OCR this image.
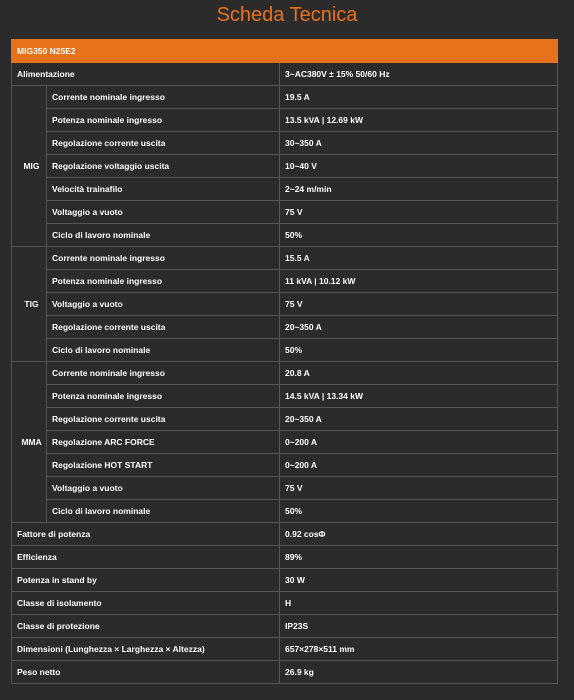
Scheda Tecnica
MIG350 N25E2		
Alimentazione		3~AC380V ± 15% 50/60 Hz
MIG	Corrente nominale ingresso	19.5 A
	Potenza nominale ingresso	13.5 kVA | 12.69 kW
	Regolazione corrente uscita	30~350 A
	Regolazione voltaggio uscita	10~40 V
	Velocità trainafilo	2~24 m/min
	Voltaggio a vuoto	75 V
	Ciclo di lavoro nominale	50%
TIG	Corrente nominale ingresso	15.5 A
	Potenza nominale ingresso	11 kVA | 10.12 kW
	Voltaggio a vuoto	75 V
	Regolazione corrente uscita	20~350 A
	Ciclo di lavoro nominale	50%
MMA	Corrente nominale ingresso	20.8 A
	Potenza nominale ingresso	14.5 kVA | 13.34 kW
	Regolazione corrente uscita	20~350 A
	Regolazione ARC FORCE	0~200 A
	Regolazione HOT START	0~200 A
	Voltaggio a vuoto	75 V
	Ciclo di lavoro nominale	50%
Fattore di potenza		0.92 cosΦ
Efficienza		89%
Potenza in stand by		30 W
Classe di isolamento		H
Classe di protezione		IP23S
Dimensioni (Lunghezza × Larghezza × Altezza)		657×278×511 mm
Peso netto		26.9 kg
